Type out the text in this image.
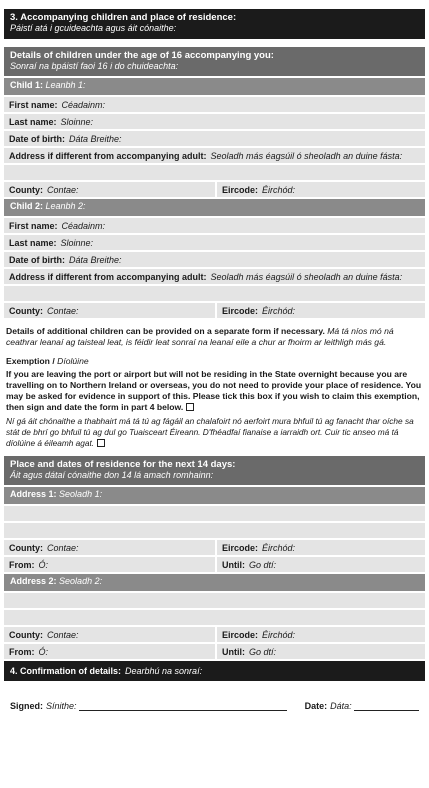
3. Accompanying children and place of residence:
Páistí atá i gcuideachta agus áit cónaithe:
Details of children under the age of 16 accompanying you:
Sonraí na bpáistí faoi 16 i do chuideachta:
Child 1: Leanbh 1:
First name: Céadainm:
Last name: Sloinne:
Date of birth: Dáta Breithe:
Address if different from accompanying adult: Seoladh más éagsúil ó sheoladh an duine fásta:
County: Contae:	Eircode: Éirchód:
Child 2: Leanbh 2:
First name: Céadainm:
Last name: Sloinne:
Date of birth: Dáta Breithe:
Address if different from accompanying adult: Seoladh más éagsúil ó sheoladh an duine fásta:
County: Contae:	Eircode: Éirchód:
Details of additional children can be provided on a separate form if necessary. Má tá níos mó ná ceathrar leanaí ag taisteal leat, is féidir leat sonraí na leanaí eile a chur ar fhoirm ar leithligh más gá.
Exemption / Díolúine
If you are leaving the port or airport but will not be residing in the State overnight because you are travelling on to Northern Ireland or overseas, you do not need to provide your place of residence. You may be asked for evidence in support of this. Please tick this box if you wish to claim this exemption, then sign and date the form in part 4 below.
Ní gá áit chónaithe a thabhairt má tá tú ag fágáil an chalafoirt nó aerfoirt mura bhfuil tú ag fanacht thar oíche sa stát de bhrí go bhfuil tú ag dul go Tuaisceart Éireann. D'fhéadfaí fianaise a iarraidh ort. Cuir tic anseo má tá díolúine á éileamh agat.
Place and dates of residence for the next 14 days:
Áit agus dátaí cónaithe don 14 lá amach romhainn:
Address 1: Seoladh 1:
County: Contae:	Eircode: Éirchód:
From: Ó:	Until: Go dtí:
Address 2: Seoladh 2:
County: Contae:	Eircode: Éirchód:
From: Ó:	Until: Go dtí:
4. Confirmation of details: Dearbhú na sonraí:
Signed: Sínithe:	Date: Dáta:
